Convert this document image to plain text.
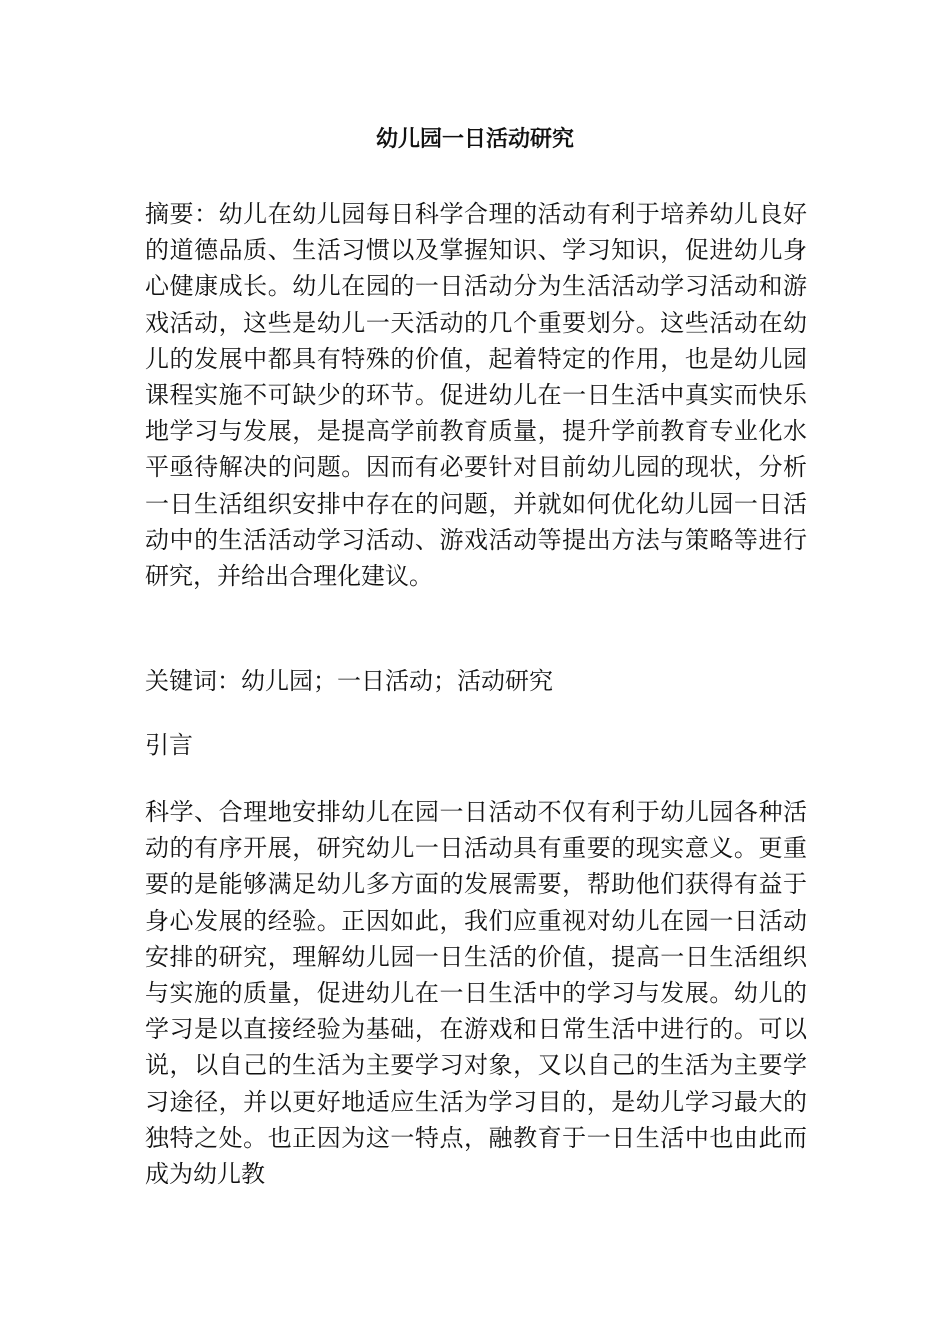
幼儿园一日活动研究

摘要：幼儿在幼儿园每日科学合理的活动有利于培养幼儿良好的道德品质、生活习惯以及掌握知识、学习知识，促进幼儿身心健康成长。幼儿在园的一日活动分为生活活动学习活动和游戏活动，这些是幼儿一天活动的几个重要划分。这些活动在幼儿的发展中都具有特殊的价值，起着特定的作用，也是幼儿园课程实施不可缺少的环节。促进幼儿在一日生活中真实而快乐地学习与发展，是提高学前教育质量，提升学前教育专业化水平亟待解决的问题。因而有必要针对目前幼儿园的现状，分析一日生活组织安排中存在的问题，并就如何优化幼儿园一日活动中的生活活动学习活动、游戏活动等提出方法与策略等进行研究，并给出合理化建议。

关键词：幼儿园；一日活动；活动研究

引言

科学、合理地安排幼儿在园一日活动不仅有利于幼儿园各种活动的有序开展，研究幼儿一日活动具有重要的现实意义。更重要的是能够满足幼儿多方面的发展需要，帮助他们获得有益于身心发展的经验。正因如此，我们应重视对幼儿在园一日活动安排的研究，理解幼儿园一日生活的价值，提高一日生活组织与实施的质量，促进幼儿在一日生活中的学习与发展。幼儿的学习是以直接经验为基础，在游戏和日常生活中进行的。可以说，以自己的生活为主要学习对象，又以自己的生活为主要学习途径，并以更好地适应生活为学习目的，是幼儿学习最大的独特之处。也正因为这一特点，融教育于一日生活中也由此而成为幼儿教
